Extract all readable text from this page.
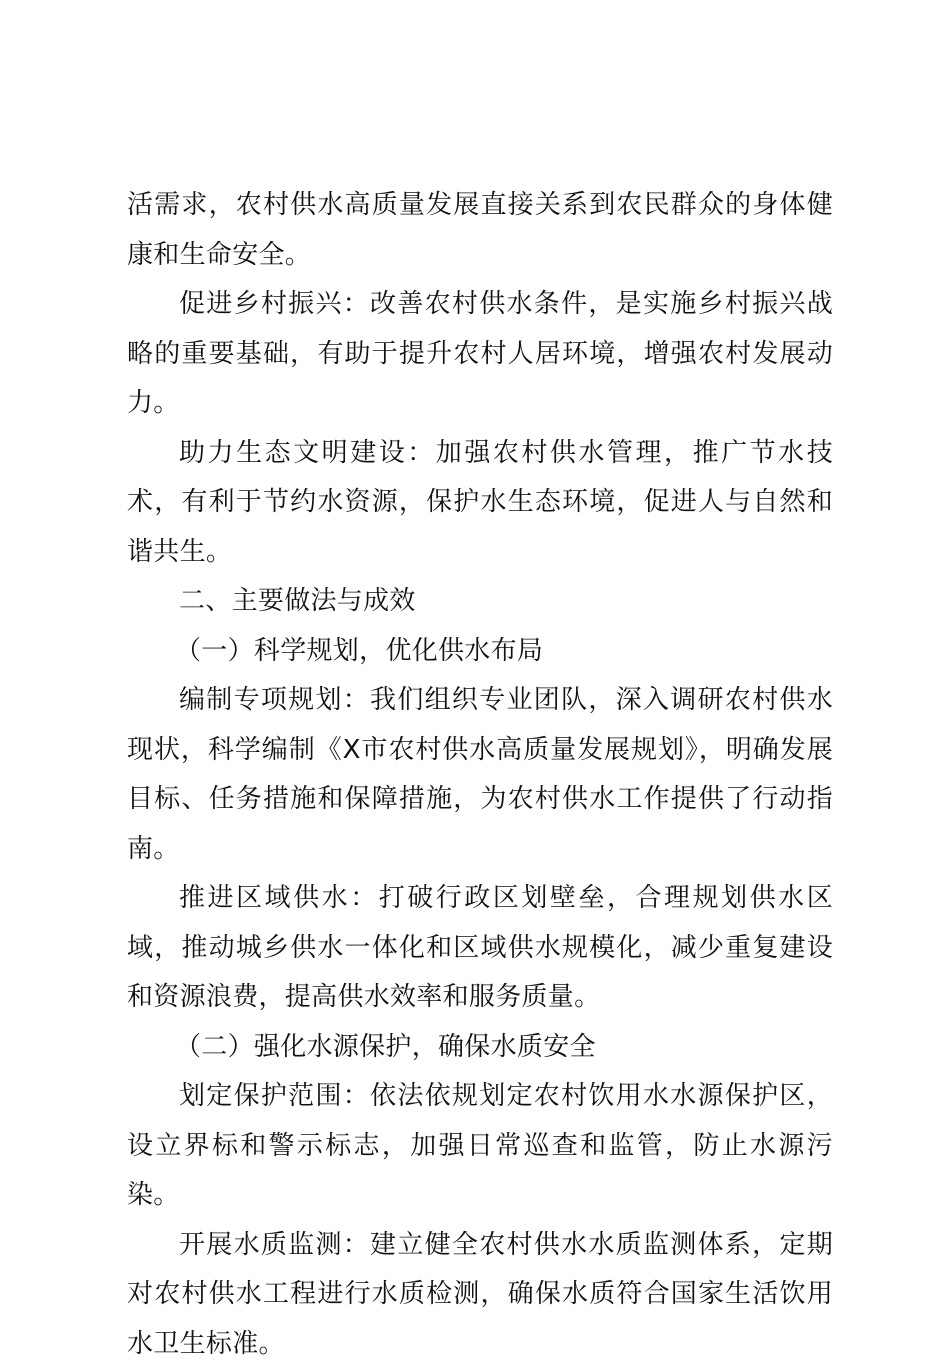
活需求，农村供水高质量发展直接关系到农民群众的身体健康和生命安全。

促进乡村振兴：改善农村供水条件，是实施乡村振兴战略的重要基础，有助于提升农村人居环境，增强农村发展动力。

助力生态文明建设：加强农村供水管理，推广节水技术，有利于节约水资源，保护水生态环境，促进人与自然和谐共生。

二、主要做法与成效

（一）科学规划，优化供水布局

编制专项规划：我们组织专业团队，深入调研农村供水现状，科学编制《X市农村供水高质量发展规划》，明确发展目标、任务措施和保障措施，为农村供水工作提供了行动指南。

推进区域供水：打破行政区划壁垒，合理规划供水区域，推动城乡供水一体化和区域供水规模化，减少重复建设和资源浪费，提高供水效率和服务质量。

（二）强化水源保护，确保水质安全

划定保护范围：依法依规划定农村饮用水水源保护区，设立界标和警示标志，加强日常巡查和监管，防止水源污染。

开展水质监测：建立健全农村供水水质监测体系，定期对农村供水工程进行水质检测，确保水质符合国家生活饮用水卫生标准。
